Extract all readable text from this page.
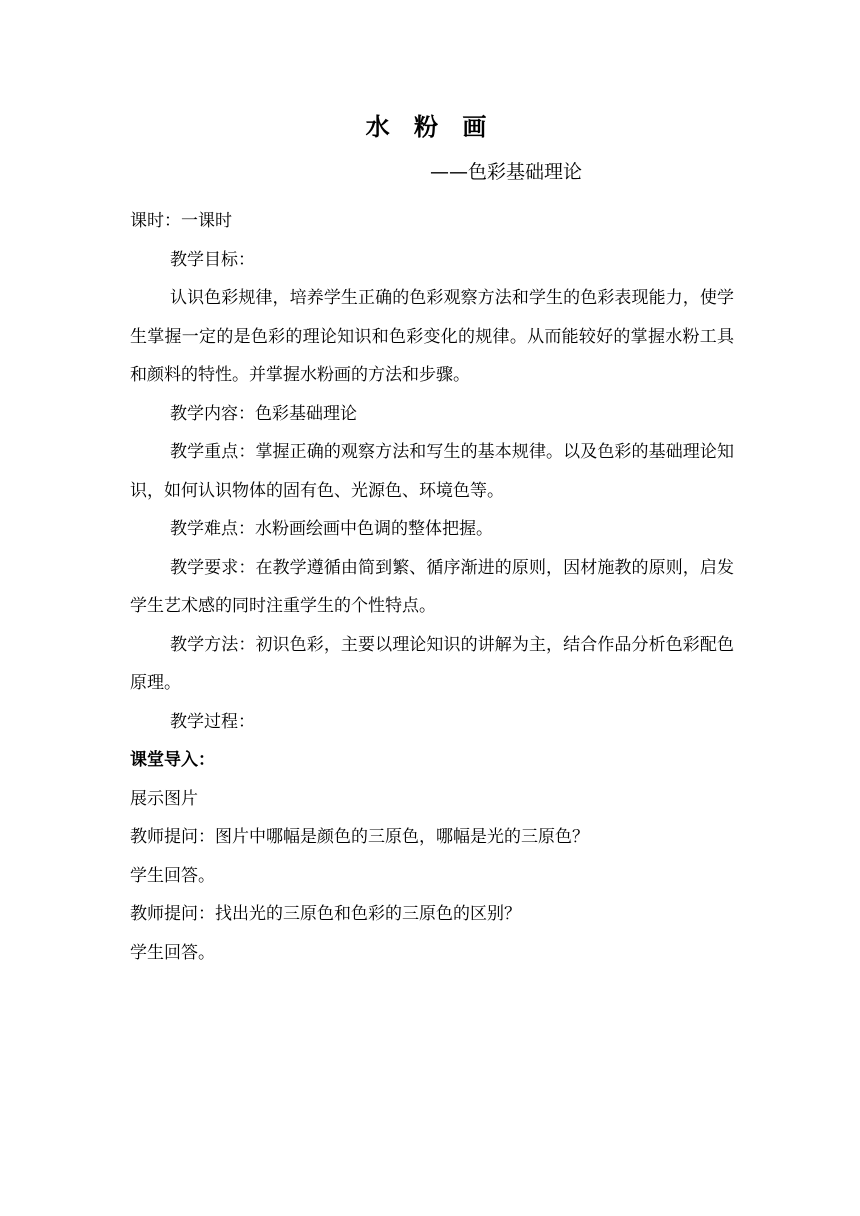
水 粉 画

——色彩基础理论

课时：一课时

教学目标：

认识色彩规律，培养学生正确的色彩观察方法和学生的色彩表现能力，使学生掌握一定的是色彩的理论知识和色彩变化的规律。从而能较好的掌握水粉工具和颜料的特性。并掌握水粉画的方法和步骤。

教学内容：色彩基础理论

教学重点：掌握正确的观察方法和写生的基本规律。以及色彩的基础理论知识，如何认识物体的固有色、光源色、环境色等。

教学难点：水粉画绘画中色调的整体把握。

教学要求：在教学遵循由简到繁、循序渐进的原则，因材施教的原则，启发学生艺术感的同时注重学生的个性特点。

教学方法：初识色彩，主要以理论知识的讲解为主，结合作品分析色彩配色原理。

教学过程：

课堂导入：

展示图片

教师提问：图片中哪幅是颜色的三原色，哪幅是光的三原色？

学生回答。

教师提问：找出光的三原色和色彩的三原色的区别？

学生回答。
